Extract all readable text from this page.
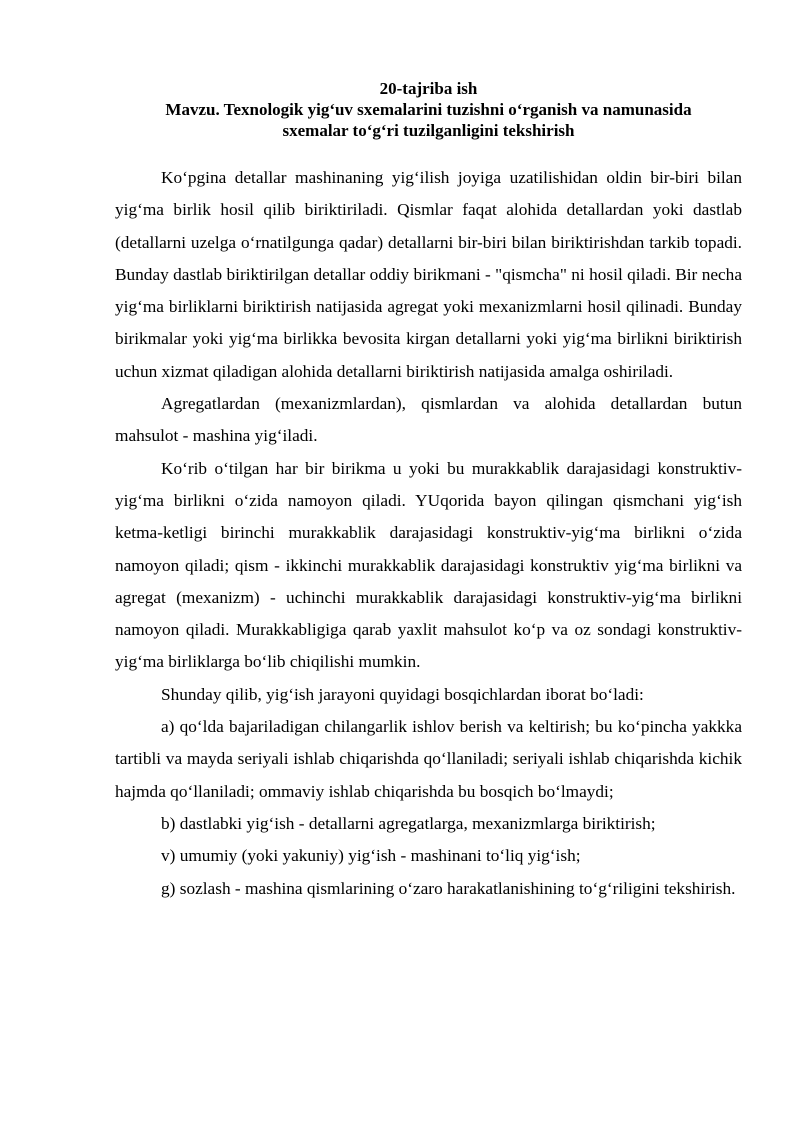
20-tajriba ish
Mavzu. Texnologik yig‘uv sxemalarini tuzishni o‘rganish va namunasida
sxemalar to‘g‘ri tuzilganligini tekshirish

Ko‘pgina detallar mashinaning yig‘ilish joyiga uzatilishidan oldin bir-biri bilan yig‘ma birlik hosil qilib biriktiriladi. Qismlar faqat alohida detallardan yoki dastlab (detallarni uzelga o‘rnatilgunga qadar) detallarni bir-biri bilan biriktirishdan tarkib topadi. Bunday dastlab biriktirilgan detallar oddiy birikmani - "qismcha" ni hosil qiladi. Bir necha yig‘ma birliklarni biriktirish natijasida agregat yoki mexanizmlarni hosil qilinadi. Bunday birikmalar yoki yig‘ma birlikka bevosita kirgan detallarni yoki yig‘ma birlikni biriktirish uchun xizmat qiladigan alohida detallarni biriktirish natijasida amalga oshiriladi.

Agregatlardan (mexanizmlardan), qismlardan va alohida detallardan butun mahsulot - mashina yig‘iladi.

Ko‘rib o‘tilgan har bir birikma u yoki bu murakkablik darajasidagi konstruktiv-yig‘ma birlikni o‘zida namoyon qiladi. YUqorida bayon qilingan qismchani yig‘ish ketma-ketligi birinchi murakkablik darajasidagi konstruktiv-yig‘ma birlikni o‘zida namoyon qiladi; qism - ikkinchi murakkablik darajasidagi konstruktiv yig‘ma birlikni va agregat (mexanizm) - uchinchi murakkablik darajasidagi konstruktiv-yig‘ma birlikni namoyon qiladi. Murakkabligiga qarab yaxlit mahsulot ko‘p va oz sondagi konstruktiv-yig‘ma birliklarga bo‘lib chiqilishi mumkin.

Shunday qilib, yig‘ish jarayoni quyidagi bosqichlardan iborat bo‘ladi:

a) qo‘lda bajariladigan chilangarlik ishlov berish va keltirish; bu ko‘pincha yakkka tartibli va mayda seriyali ishlab chiqarishda qo‘llaniladi; seriyali ishlab chiqarishda kichik hajmda qo‘llaniladi; ommaviy ishlab chiqarishda bu bosqich bo‘lmaydi;

b) dastlabki yig‘ish - detallarni agregatlarga, mexanizmlarga biriktirish;

v) umumiy (yoki yakuniy) yig‘ish - mashinani to‘liq yig‘ish;

g) sozlash - mashina qismlarining o‘zaro harakatlanishining to‘g‘riligini tekshirish.
